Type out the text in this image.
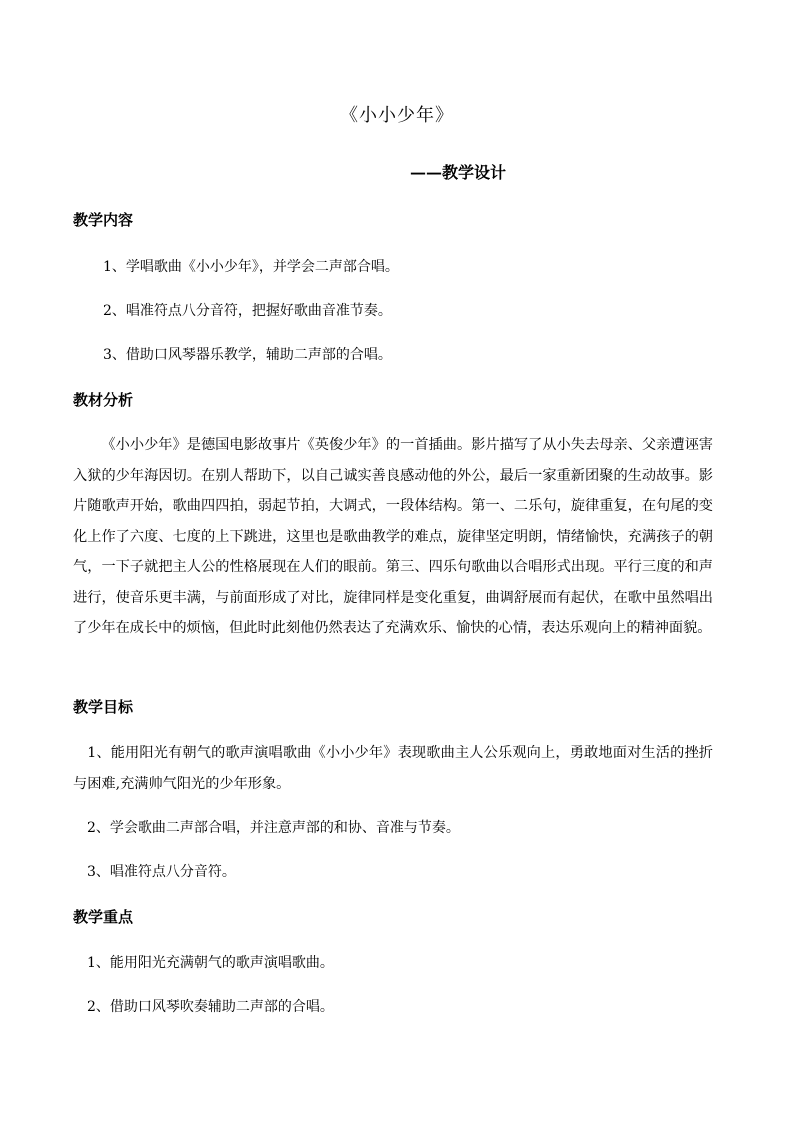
《小小少年》
——教学设计
教学内容
1、学唱歌曲《小小少年》，并学会二声部合唱。
2、唱准符点八分音符，把握好歌曲音准节奏。
3、借助口风琴器乐教学，辅助二声部的合唱。
教材分析
《小小少年》是德国电影故事片《英俊少年》的一首插曲。影片描写了从小失去母亲、父亲遭诬害入狱的少年海因切。在别人帮助下，以自己诚实善良感动他的外公，最后一家重新团聚的生动故事。影片随歌声开始，歌曲四四拍，弱起节拍，大调式，一段体结构。第一、二乐句，旋律重复，在句尾的变化上作了六度、七度的上下跳进，这里也是歌曲教学的难点，旋律坚定明朗，情绪愉快，充满孩子的朝气，一下子就把主人公的性格展现在人们的眼前。第三、四乐句歌曲以合唱形式出现。平行三度的和声进行，使音乐更丰满，与前面形成了对比，旋律同样是变化重复，曲调舒展而有起伏，在歌中虽然唱出了少年在成长中的烦恼，但此时此刻他仍然表达了充满欢乐、愉快的心情，表达乐观向上的精神面貌。
教学目标
1、能用阳光有朝气的歌声演唱歌曲《小小少年》表现歌曲主人公乐观向上，勇敢地面对生活的挫折与困难,充满帅气阳光的少年形象。
2、学会歌曲二声部合唱，并注意声部的和协、音准与节奏。
3、唱准符点八分音符。
教学重点
1、能用阳光充满朝气的歌声演唱歌曲。
2、借助口风琴吹奏辅助二声部的合唱。
